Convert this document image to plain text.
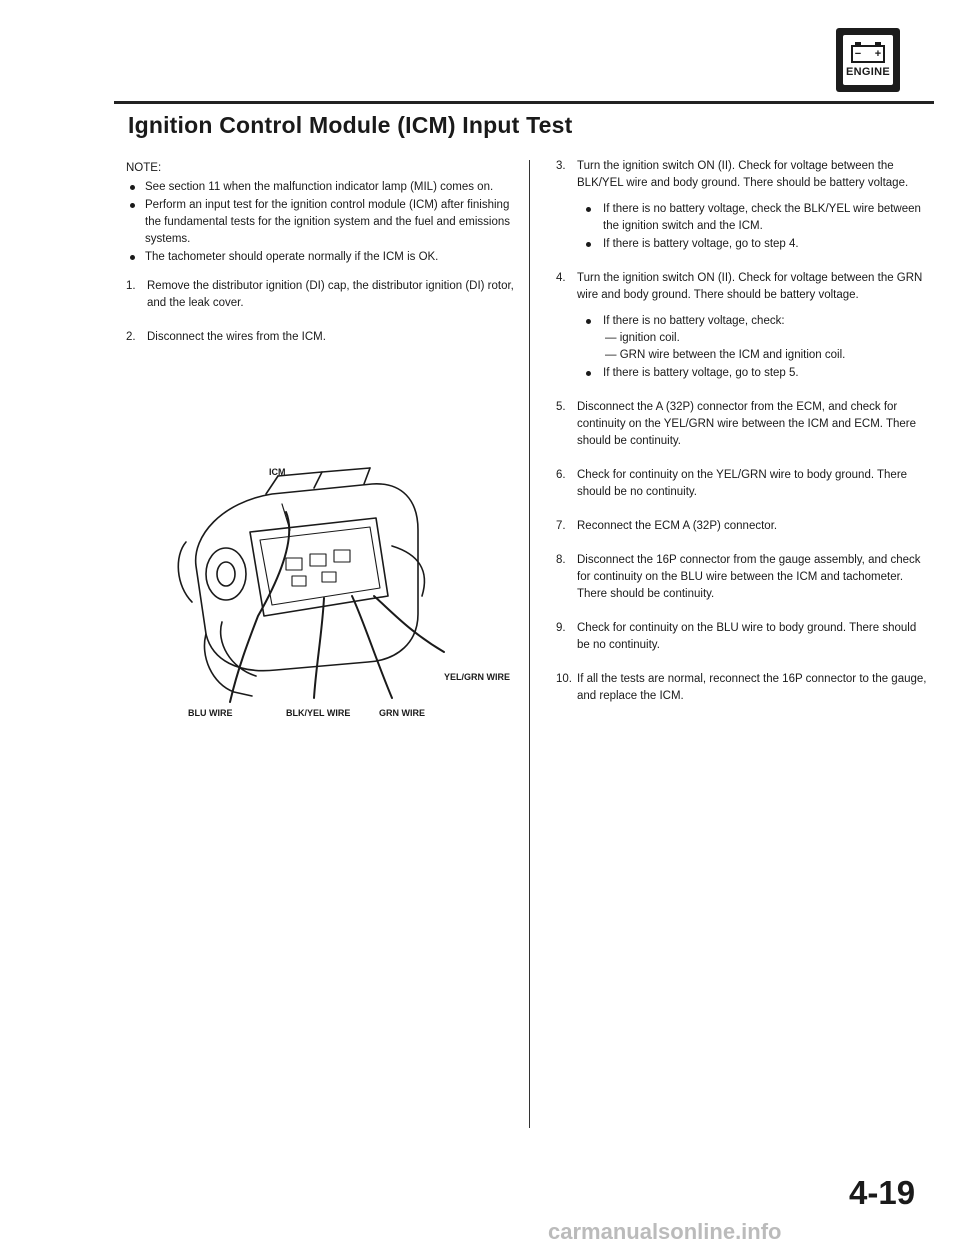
− +
ENGINE
Ignition Control Module (ICM) Input Test

NOTE:

See section 11 when the malfunction indicator lamp (MIL) comes on.
Perform an input test for the ignition control module (ICM) after finishing the fundamental tests for the ignition system and the fuel and emissions systems.
The tachometer should operate normally if the ICM is OK.
1. Remove the distributor ignition (DI) cap, the distributor ignition (DI) rotor, and the leak cover.
2. Disconnect the wires from the ICM.
ICM
YEL/GRN WIRE
BLU WIRE	BLK/YEL WIRE	GRN WIRE
3. Turn the ignition switch ON (II). Check for voltage between the BLK/YEL wire and body ground. There should be battery voltage.
If there is no battery voltage, check the BLK/YEL wire between the ignition switch and the ICM.
If there is battery voltage, go to step 4.
4. Turn the ignition switch ON (II). Check for voltage between the GRN wire and body ground. There should be battery voltage.
If there is no battery voltage, check:
— ignition coil.
— GRN wire between the ICM and ignition coil.
If there is battery voltage, go to step 5.
5. Disconnect the A (32P) connector from the ECM, and check for continuity on the YEL/GRN wire between the ICM and ECM. There should be continuity.
6. Check for continuity on the YEL/GRN wire to body ground. There should be no continuity.
7. Reconnect the ECM A (32P) connector.
8. Disconnect the 16P connector from the gauge assembly, and check for continuity on the BLU wire between the ICM and tachometer. There should be continuity.
9. Check for continuity on the BLU wire to body ground. There should be no continuity.
10. If all the tests are normal, reconnect the 16P connector to the gauge, and replace the ICM.
4-19
carmanualsonline.info
